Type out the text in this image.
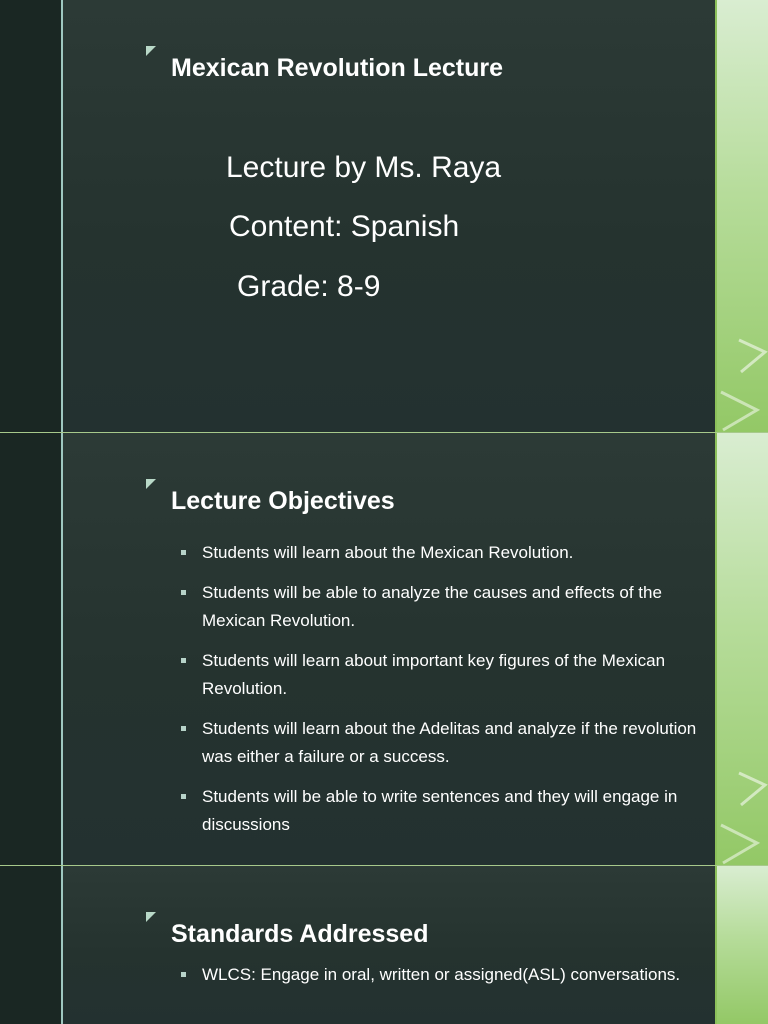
Mexican Revolution Lecture

Lecture by Ms. Raya

Content: Spanish

Grade: 8-9

Lecture Objectives
Students will learn about the Mexican Revolution.
Students will be able to analyze the causes and effects of the Mexican Revolution.
Students will learn about important key figures of the Mexican Revolution.
Students will learn about the Adelitas and analyze if the revolution was either a failure or a success.
Students will be able to write sentences and they will engage in discussions
Standards Addressed
WLCS: Engage in oral, written or assigned(ASL) conversations.
